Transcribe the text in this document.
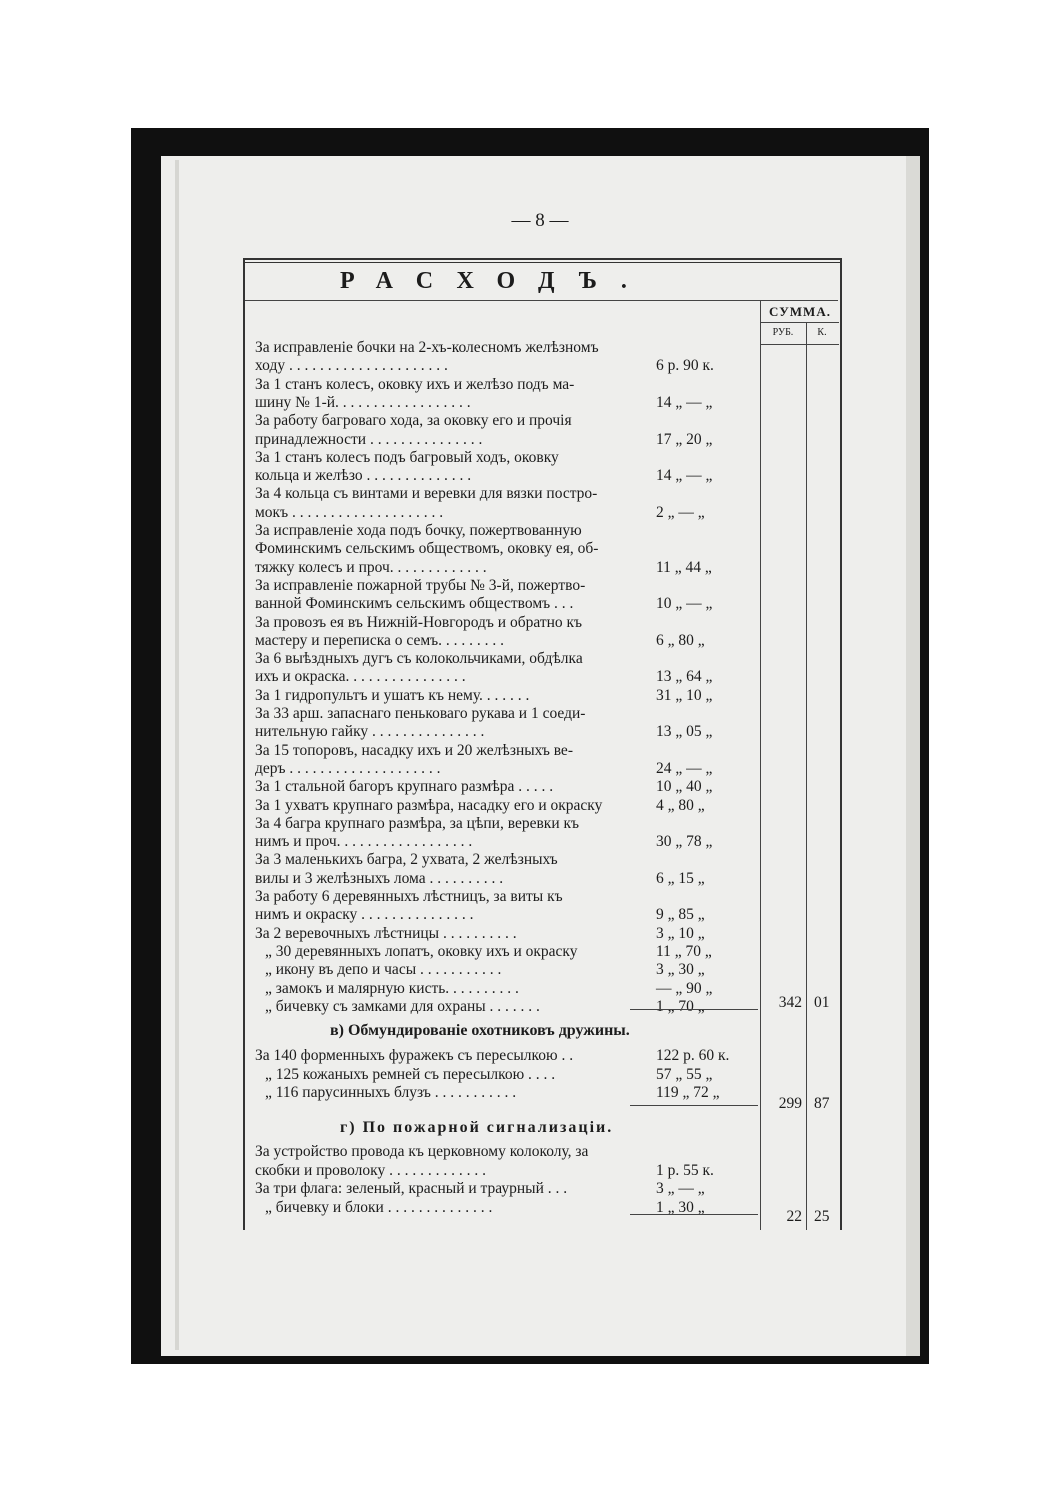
— 8 —
РАСХОДЪ.
СУММА.
РУБ.	К.
За исправленіе бочки на 2-хъ-колесномъ желѣзномъ
ходу . . . . . . . . . . . . . . . . . . . . .	6 р. 90 к.
За 1 станъ колесъ, оковку ихъ и желѣзо подъ ма-
шину № 1-й. . . . . . . . . . . . . . . . . .	14 „ — „
За работу багроваго хода, за оковку его и прочія
принадлежности . . . . . . . . . . . . . . .	17 „ 20 „
За 1 станъ колесъ подъ багровый ходъ, оковку
кольца и желѣзо . . . . . . . . . . . . . .	14 „ — „
За 4 кольца съ винтами и веревки для вязки постро-
мокъ . . . . . . . . . . . . . . . . . . . .	2 „ — „
За исправленіе хода подъ бочку, пожертвованную
Фоминскимъ сельскимъ обществомъ, оковку ея, об-
тяжку колесъ и проч. . . . . . . . . . . . .	11 „ 44 „
За исправленіе пожарной трубы № 3-й, пожертво-
ванной Фоминскимъ сельскимъ обществомъ . . .	10 „ — „
За провозъ ея въ Нижній-Новгородъ и обратно къ
мастеру и переписка о семъ. . . . . . . . .	6 „ 80 „
За 6 выѣздныхъ дугъ съ колокольчиками, обдѣлка
ихъ и окраска. . . . . . . . . . . . . . . .	13 „ 64 „
За 1 гидропультъ и ушатъ къ нему. . . . . . .	31 „ 10 „
За 33 арш. запаснаго пеньковаго рукава и 1 соеди-
нительную гайку . . . . . . . . . . . . . . .	13 „ 05 „
За 15 топоровъ, насадку ихъ и 20 желѣзныхъ ве-
деръ . . . . . . . . . . . . . . . . . . . .	24 „ — „
За 1 стальной багоръ крупнаго размѣра . . . . .	10 „ 40 „
За 1 ухватъ крупнаго размѣра, насадку его и окраску	4 „ 80 „
За 4 багра крупнаго размѣра, за цѣпи, веревки къ
нимъ и проч. . . . . . . . . . . . . . . . . .	30 „ 78 „
За 3 маленькихъ багра, 2 ухвата, 2 желѣзныхъ
вилы и 3 желѣзныхъ лома . . . . . . . . . .	6 „ 15 „
За работу 6 деревянныхъ лѣстницъ, за виты къ
нимъ и окраску . . . . . . . . . . . . . . .	9 „ 85 „
За 2 веревочныхъ лѣстницы . . . . . . . . . .	3 „ 10 „
„ 30 деревянныхъ лопатъ, оковку ихъ и окраску	11 „ 70 „
„ икону въ депо и часы . . . . . . . . . . .	3 „ 30 „
„ замокъ и малярную кисть. . . . . . . . . .	— „ 90 „
„ бичевку съ замками для охраны . . . . . . .	1 „ 70 „	342 01
в) Обмундированіе охотниковъ дружины.
За 140 форменныхъ фуражекъ съ пересылкою . .	122 р. 60 к.
„ 125 кожаныхъ ремней съ пересылкою . . . .	57 „ 55 „
„ 116 парусинныхъ блузъ . . . . . . . . . . .	119 „ 72 „
299 87
г) По пожарной сигнализаціи.
За устройство провода къ церковному колоколу, за
скобки и проволоку . . . . . . . . . . . . .	1 р. 55 к.
За три флага: зеленый, красный и траурный . . .	3 „ — „
„ бичевку и блоки . . . . . . . . . . . . . .	1 „ 30 „
22 25
